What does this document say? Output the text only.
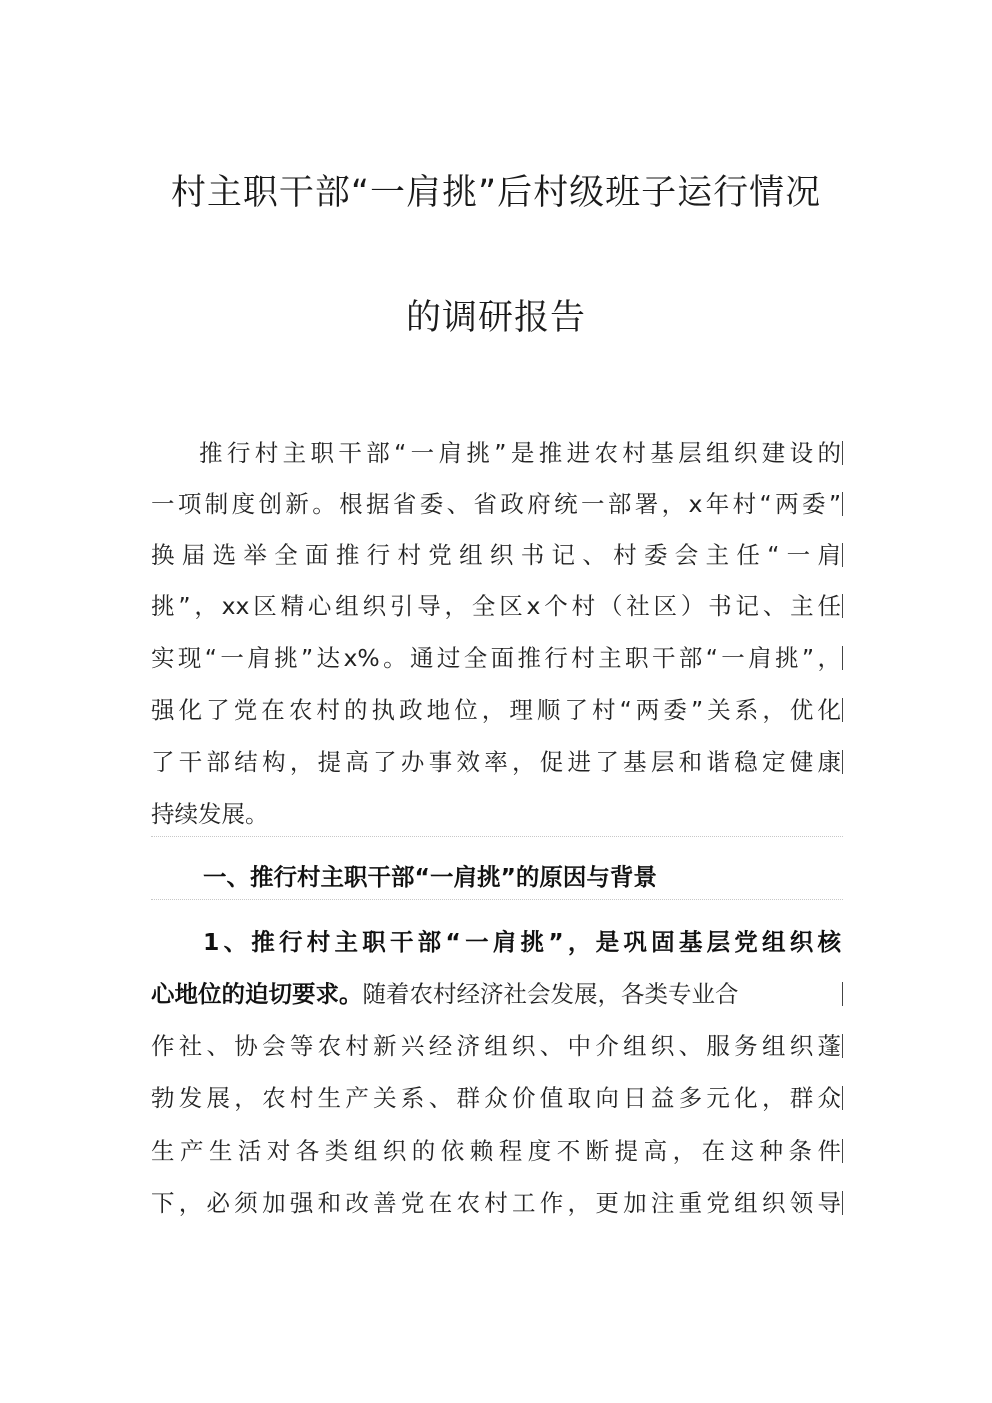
村主职干部“一肩挑”后村级班子运行情况
的调研报告
推行村主职干部“一肩挑”是推进农村基层组织建设的
一项制度创新。根据省委、省政府统一部署，x年村“两委”
换届选举全面推行村党组织书记、村委会主任“一肩
挑”，xx区精心组织引导，全区x个村（社区）书记、主任
实现“一肩挑”达x%。通过全面推行村主职干部“一肩挑”，
强化了党在农村的执政地位，理顺了村“两委”关系，优化
了干部结构，提高了办事效率，促进了基层和谐稳定健康
持续发展。
一、推行村主职干部“一肩挑”的原因与背景
1、推行村主职干部“一肩挑”，是巩固基层党组织核
心地位的迫切要求。随着农村经济社会发展，各类专业合
作社、协会等农村新兴经济组织、中介组织、服务组织蓬
勃发展，农村生产关系、群众价值取向日益多元化，群众
生产生活对各类组织的依赖程度不断提高，在这种条件
下，必须加强和改善党在农村工作，更加注重党组织领导
